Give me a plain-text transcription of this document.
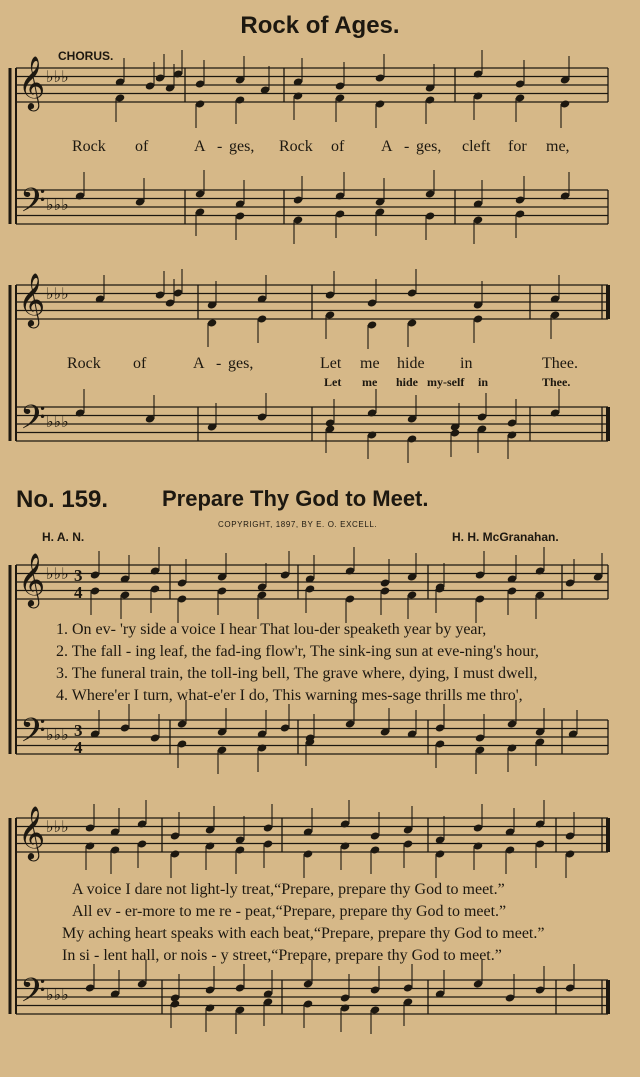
𝄞
𝄢
♭♭♭
♭♭♭
𝄞
𝄢
♭♭♭
♭♭♭
𝄞
𝄢
♭♭♭
♭♭♭
3
4
3
4
𝄞
𝄢
♭♭♭
♭♭♭
Rock of Ages.
CHORUS.
Rock of	A - ges, Rock of A - ges, cleft for me,
Rock of	A - ges,	Let me hide in	Thee.
Let me hide my-self in	Thee.
No. 159. Prepare Thy God to Meet.
COPYRIGHT, 1897, BY E. O. EXCELL.
H. A. N.	H. H. McGranahan.
1. On ev- 'ry side a voice I hear That lou-der speaketh year by year,
2. The fall - ing leaf, the fad-ing flow'r, The sink-ing sun at eve-ning's hour,
3. The funeral train, the toll-ing bell, The grave where, dying, I must dwell,
4. Where'er I turn, what-e'er I do, This warning mes-sage thrills me thro',
A voice I dare not light-ly treat,“Prepare, prepare thy God to meet.”
All ev - er-more to me re - peat,“Prepare, prepare thy God to meet.”
My aching heart speaks with each beat,“Prepare, prepare thy God to meet.”
In si - lent hall, or nois - y street,“Prepare, prepare thy God to meet.”
